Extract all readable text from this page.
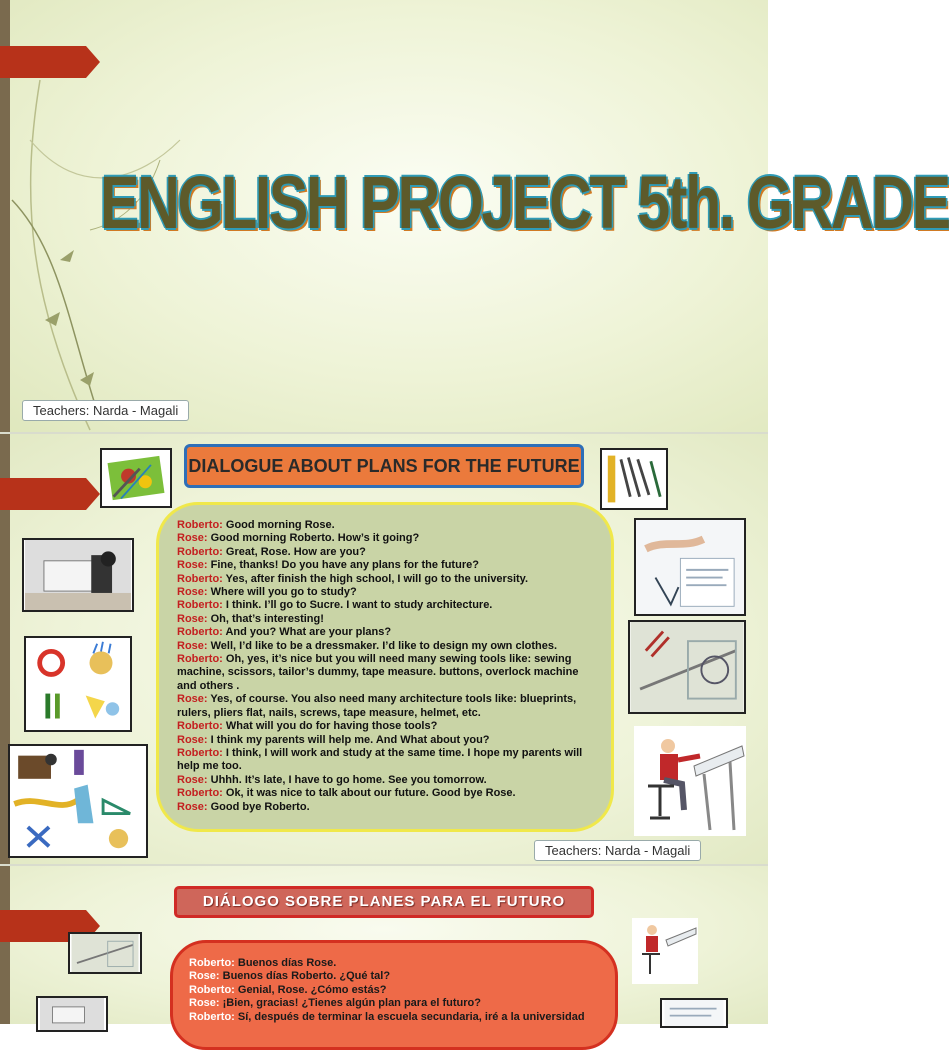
ENGLISH PROJECT 5th. GRADE
Teachers: Narda - Magali
DIALOGUE ABOUT PLANS FOR THE FUTURE
Roberto: Good morning Rose.
Rose: Good morning Roberto. How’s it going?
Roberto: Great, Rose. How are you?
Rose: Fine, thanks! Do you have any plans for the future?
Roberto: Yes, after finish the high school, I will go to the university.
Rose: Where will you go to study?
Roberto: I think. I’ll go to Sucre. I want to study architecture.
Rose: Oh, that’s interesting!
Roberto: And you? What are your plans?
Rose: Well, I’d like to be a dressmaker. I’d like to design my own clothes.
Roberto: Oh, yes, it’s nice but you will need many sewing tools like: sewing machine, scissors, tailor’s dummy, tape measure. buttons, overlock machine and others .
Rose: Yes, of course. You also need many architecture tools like: blueprints, rulers, pliers flat, nails, screws, tape measure, helmet, etc.
Roberto: What will you do for having those tools?
Rose: I think my parents will help me. And What about you?
Roberto: I think, I will work and study at the same time. I hope my parents will help me too.
Rose: Uhhh. It’s late, I have to go home. See you tomorrow.
Roberto: Ok, it was nice to talk about our future. Good bye Rose.
Rose: Good bye Roberto.
Teachers: Narda - Magali
DIÁLOGO SOBRE PLANES PARA EL FUTURO
Roberto: Buenos días Rose.
Rose: Buenos días Roberto. ¿Qué tal?
Roberto: Genial, Rose. ¿Cómo estás?
Rose: ¡Bien, gracias! ¿Tienes algún plan para el futuro?
Roberto: Sí, después de terminar la escuela secundaria, iré a la universidad
